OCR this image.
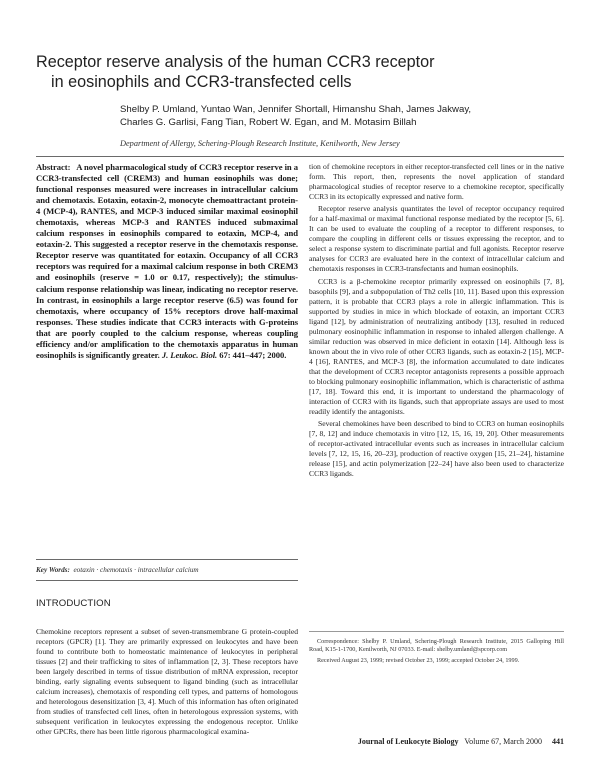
Receptor reserve analysis of the human CCR3 receptor
in eosinophils and CCR3-transfected cells
Shelby P. Umland, Yuntao Wan, Jennifer Shortall, Himanshu Shah, James Jakway,
Charles G. Garlisi, Fang Tian, Robert W. Egan, and M. Motasim Billah
Department of Allergy, Schering-Plough Research Institute, Kenilworth, New Jersey

Abstract: A novel pharmacological study of CCR3 receptor reserve in a CCR3-transfected cell (CREM3) and human eosinophils was done; functional responses measured were increases in intracellular calcium and chemotaxis. Eotaxin, eotaxin-2, monocyte chemoattractant protein-4 (MCP-4), RANTES, and MCP-3 induced similar maximal eosinophil chemotaxis, whereas MCP-3 and RANTES induced submaximal calcium responses in eosinophils compared to eotaxin, MCP-4, and eotaxin-2. This suggested a receptor reserve in the chemotaxis response. Receptor reserve was quantitated for eotaxin. Occupancy of all CCR3 receptors was required for a maximal calcium response in both CREM3 and eosinophils (reserve = 1.0 or 0.17, respectively); the stimulus-calcium response relationship was linear, indicating no receptor reserve. In contrast, in eosinophils a large receptor reserve (6.5) was found for chemotaxis, where occupancy of 15% receptors drove half-maximal responses. These studies indicate that CCR3 interacts with G-proteins that are poorly coupled to the calcium response, whereas coupling efficiency and/or amplification to the chemotaxis apparatus in human eosinophils is significantly greater. J. Leukoc. Biol. 67: 441–447; 2000.

Key Words: eotaxin · chemotaxis · intracellular calcium
INTRODUCTION

Chemokine receptors represent a subset of seven-transmembrane G protein-coupled receptors (GPCR) [1]. They are primarily expressed on leukocytes and have been found to contribute both to homeostatic maintenance of leukocytes in peripheral tissues [2] and their trafficking to sites of inflammation [2, 3]. These receptors have been largely described in terms of tissue distribution of mRNA expression, receptor binding, early signaling events subsequent to ligand binding (such as intracellular calcium increases), chemotaxis of responding cell types, and patterns of homologous and heterologous desensitization [3, 4]. Much of this information has often originated from studies of transfected cell lines, often in heterologous expression systems, with subsequent verification in leukocytes expressing the endogenous receptor. Unlike other GPCRs, there has been little rigorous pharmacological examina-

tion of chemokine receptors in either receptor-transfected cell lines or in the native form. This report, then, represents the novel application of standard pharmacological studies of receptor reserve to a chemokine receptor, specifically CCR3 in its ectopically expressed and native form.

Receptor reserve analysis quantitates the level of receptor occupancy required for a half-maximal or maximal functional response mediated by the receptor [5, 6]. It can be used to evaluate the coupling of a receptor to different responses, to compare the coupling in different cells or tissues expressing the receptor, and to select a response system to discriminate partial and full agonists. Receptor reserve analyses for CCR3 are evaluated here in the context of intracellular calcium and chemotaxis responses in CCR3-transfectants and human eosinophils.

CCR3 is a β-chemokine receptor primarily expressed on eosinophils [7, 8], basophils [9], and a subpopulation of Th2 cells [10, 11]. Based upon this expression pattern, it is probable that CCR3 plays a role in allergic inflammation. This is supported by studies in mice in which blockade of eotaxin, an important CCR3 ligand [12], by administration of neutralizing antibody [13], resulted in reduced pulmonary eosinophilic inflammation in response to inhaled allergen challenge. A similar reduction was observed in mice deficient in eotaxin [14]. Although less is known about the in vivo role of other CCR3 ligands, such as eotaxin-2 [15], MCP-4 [16], RANTES, and MCP-3 [8], the information accumulated to date indicates that the development of CCR3 receptor antagonists represents a possible approach to blocking pulmonary eosinophilic inflammation, which is characteristic of asthma [17, 18]. Toward this end, it is important to understand the pharmacology of interaction of CCR3 with its ligands, such that appropriate assays are used to most readily identify the antagonists.

Several chemokines have been described to bind to CCR3 on human eosinophils [7, 8, 12] and induce chemotaxis in vitro [12, 15, 16, 19, 20]. Other measurements of receptor-activated intracellular events such as increases in intracellular calcium levels [7, 12, 15, 16, 20–23], production of reactive oxygen [15, 21–24], histamine release [15], and actin polymerization [22–24] have also been used to characterize CCR3 ligands.

Correspondence: Shelby P. Umland, Schering-Plough Research Institute, 2015 Galloping Hill Road, K15-1-1700, Kenilworth, NJ 07033. E-mail: shelby.umland@spcorp.com

Received August 23, 1999; revised October 23, 1999; accepted October 24, 1999.

Journal of Leukocyte Biology Volume 67, March 2000 441
